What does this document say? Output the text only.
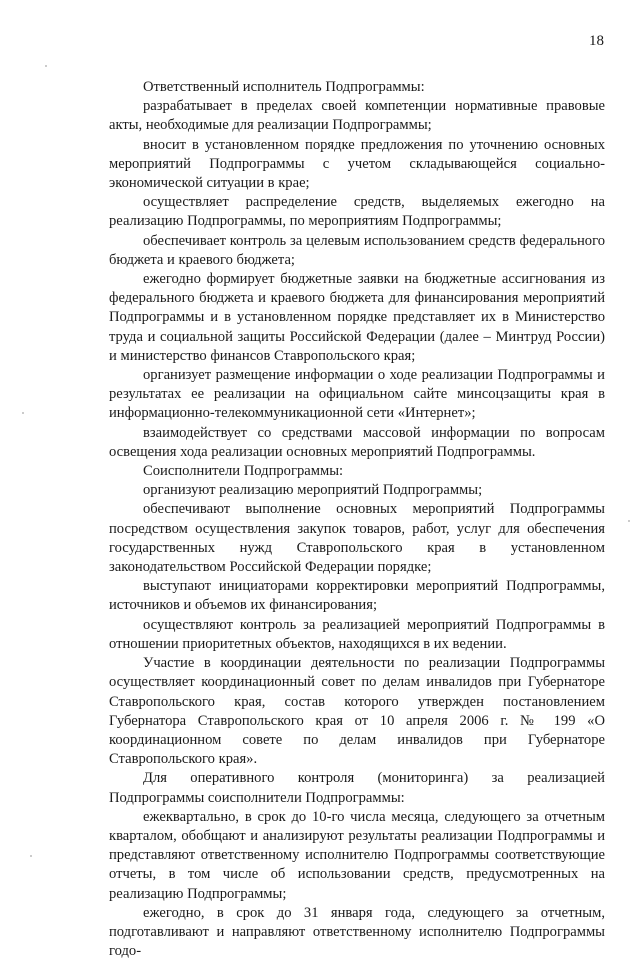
18

Ответственный исполнитель Подпрограммы:

разрабатывает в пределах своей компетенции нормативные правовые акты, необходимые для реализации Подпрограммы;

вносит в установленном порядке предложения по уточнению основных мероприятий Подпрограммы с учетом складывающейся социально-экономической ситуации в крае;

осуществляет распределение средств, выделяемых ежегодно на реализацию Подпрограммы, по мероприятиям Подпрограммы;

обеспечивает контроль за целевым использованием средств федерального бюджета и краевого бюджета;

ежегодно формирует бюджетные заявки на бюджетные ассигнования из федерального бюджета и краевого бюджета для финансирования мероприятий Подпрограммы и в установленном порядке представляет их в Министерство труда и социальной защиты Российской Федерации (далее – Минтруд России) и министерство финансов Ставропольского края;

организует размещение информации о ходе реализации Подпрограммы и результатах ее реализации на официальном сайте минсоцзащиты края в информационно-телекоммуникационной сети «Интернет»;

взаимодействует со средствами массовой информации по вопросам освещения хода реализации основных мероприятий Подпрограммы.

Соисполнители Подпрограммы:

организуют реализацию мероприятий Подпрограммы;

обеспечивают выполнение основных мероприятий Подпрограммы посредством осуществления закупок товаров, работ, услуг для обеспечения государственных нужд Ставропольского края в установленном законодательством Российской Федерации порядке;

выступают инициаторами корректировки мероприятий Подпрограммы, источников и объемов их финансирования;

осуществляют контроль за реализацией мероприятий Подпрограммы в отношении приоритетных объектов, находящихся в их ведении.

Участие в координации деятельности по реализации Подпрограммы осуществляет координационный совет по делам инвалидов при Губернаторе Ставропольского края, состав которого утвержден постановлением Губернатора Ставропольского края от 10 апреля 2006 г. № 199 «О координационном совете по делам инвалидов при Губернаторе Ставропольского края».

Для оперативного контроля (мониторинга) за реализацией Подпрограммы соисполнители Подпрограммы:

ежеквартально, в срок до 10-го числа месяца, следующего за отчетным кварталом, обобщают и анализируют результаты реализации Подпрограммы и представляют ответственному исполнителю Подпрограммы соответствующие отчеты, в том числе об использовании средств, предусмотренных на реализацию Подпрограммы;

ежегодно, в срок до 31 января года, следующего за отчетным, подготавливают и направляют ответственному исполнителю Подпрограммы годо-
